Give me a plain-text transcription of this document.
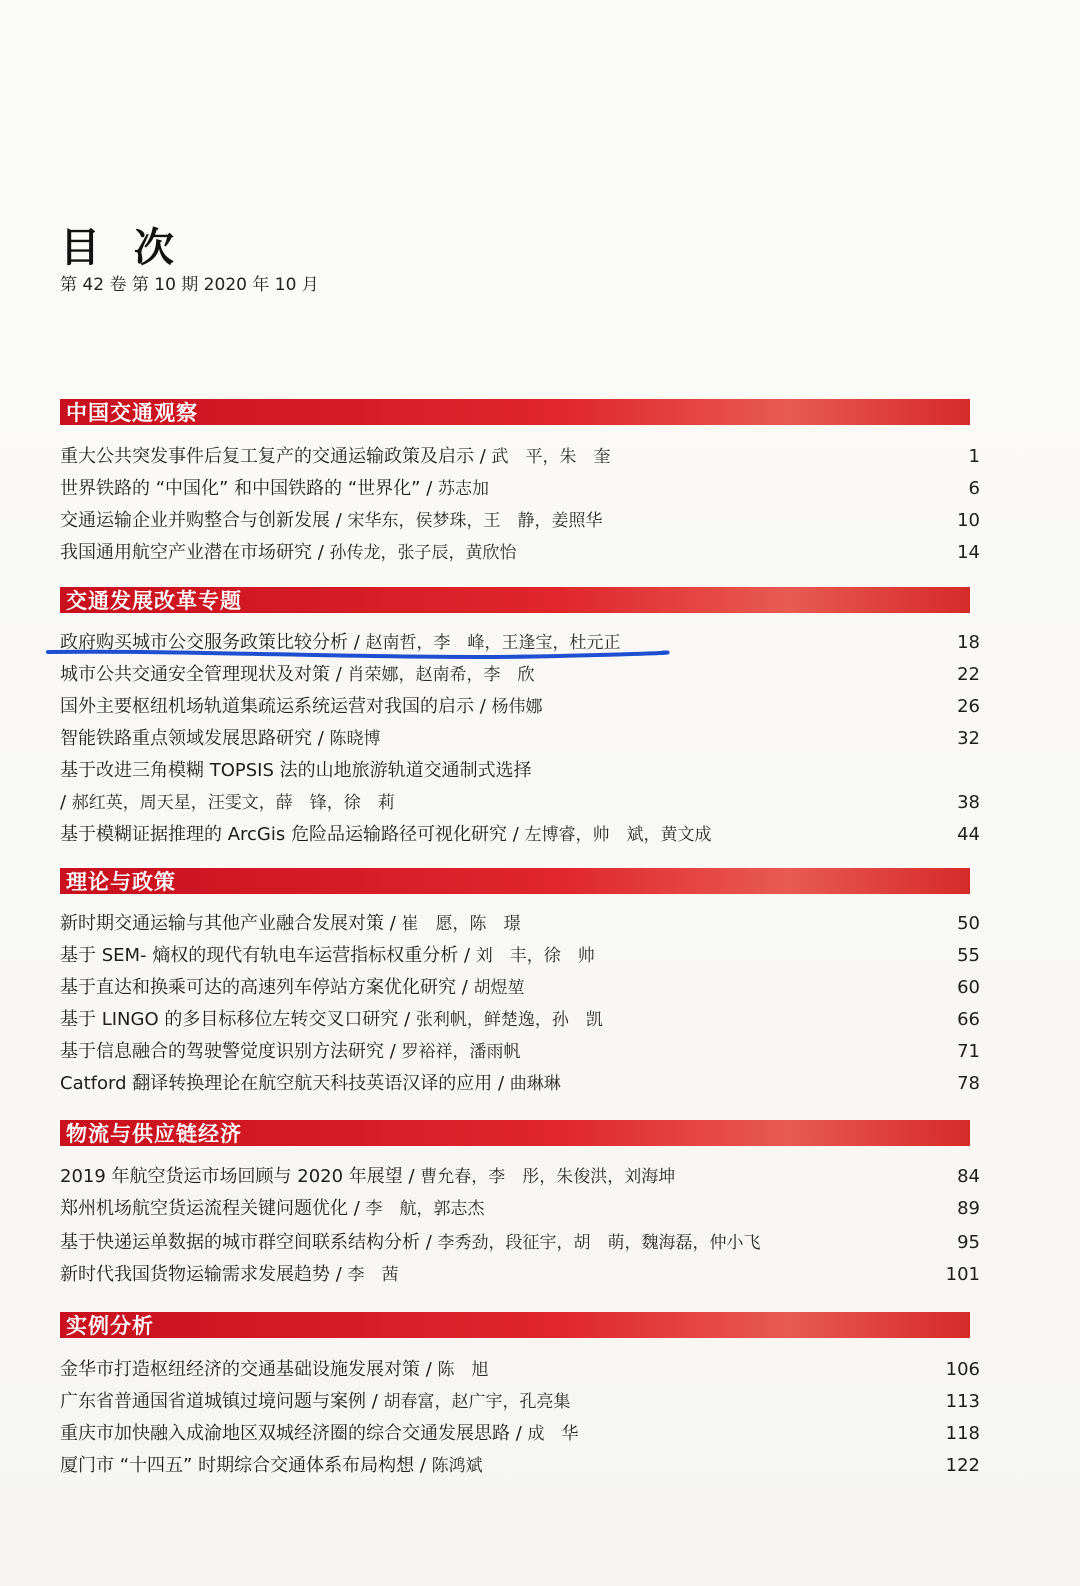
目 次
第 42 卷 第 10 期 2020 年 10 月
中国交通观察
重大公共突发事件后复工复产的交通运输政策及启示 / 武　平，朱　奎	1
世界铁路的 “中国化” 和中国铁路的 “世界化” / 苏志加	6
交通运输企业并购整合与创新发展 / 宋华东，侯梦珠，王　静，姜照华	10
我国通用航空产业潜在市场研究 / 孙传龙，张子辰，黄欣怡	14
交通发展改革专题
政府购买城市公交服务政策比较分析 / 赵南哲，李　峰，王逢宝，杜元正	18
城市公共交通安全管理现状及对策 / 肖荣娜，赵南希，李　欣	22
国外主要枢纽机场轨道集疏运系统运营对我国的启示 / 杨伟娜	26
智能铁路重点领域发展思路研究 / 陈晓博	32
基于改进三角模糊 TOPSIS 法的山地旅游轨道交通制式选择
/ 郝红英，周天星，汪雯文，薛　锋，徐　莉	38
基于模糊证据推理的 ArcGis 危险品运输路径可视化研究 / 左博睿，帅　斌，黄文成	44
理论与政策
新时期交通运输与其他产业融合发展对策 / 崔　愿，陈　璟	50
基于 SEM- 熵权的现代有轨电车运营指标权重分析 / 刘　丰，徐　帅	55
基于直达和换乘可达的高速列车停站方案优化研究 / 胡煜堃	60
基于 LINGO 的多目标移位左转交叉口研究 / 张利帆，鲜楚逸，孙　凯	66
基于信息融合的驾驶警觉度识别方法研究 / 罗裕祥，潘雨帆	71
Catford 翻译转换理论在航空航天科技英语汉译的应用 / 曲琳琳	78
物流与供应链经济
2019 年航空货运市场回顾与 2020 年展望 / 曹允春，李　彤，朱俊洪，刘海坤	84
郑州机场航空货运流程关键问题优化 / 李　航，郭志杰	89
基于快递运单数据的城市群空间联系结构分析 / 李秀劲，段征宇，胡　萌，魏海磊，仲小飞	95
新时代我国货物运输需求发展趋势 / 李　茜	101
实例分析
金华市打造枢纽经济的交通基础设施发展对策 / 陈　旭	106
广东省普通国省道城镇过境问题与案例 / 胡春富，赵广宇，孔亮集	113
重庆市加快融入成渝地区双城经济圈的综合交通发展思路 / 成　华	118
厦门市 “十四五” 时期综合交通体系布局构想 / 陈鸿斌	122
